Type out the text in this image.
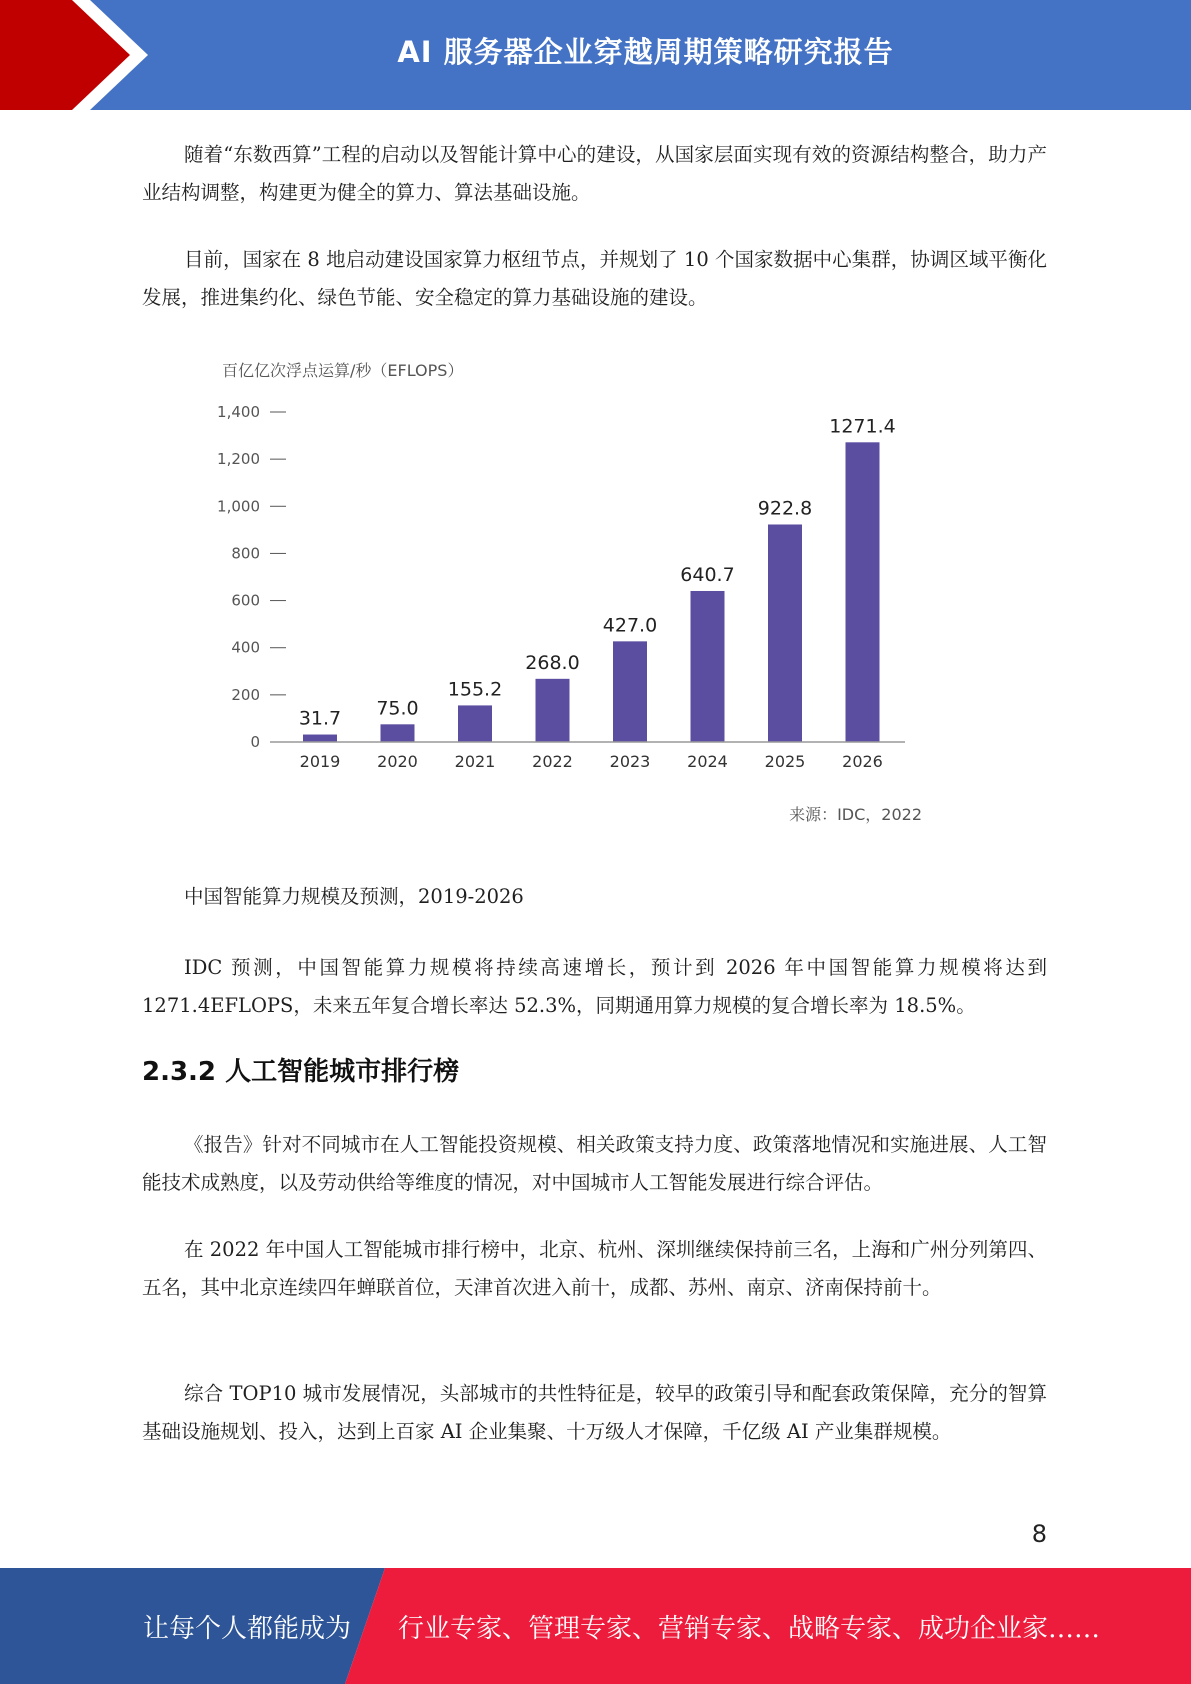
AI 服务器企业穿越周期策略研究报告

随着“东数西算”工程的启动以及智能计算中心的建设，从国家层面实现有效的资源结构整合，助力产业结构调整，构建更为健全的算力、算法基础设施。

目前，国家在 8 地启动建设国家算力枢纽节点，并规划了 10 个国家数据中心集群，协调区域平衡化发展，推进集约化、绿色节能、安全稳定的算力基础设施的建设。

百亿亿次浮点运算/秒（EFLOPS）
0
200
400
600
800
1,000
1,200
1,400
31.7
2019
75.0
2020
155.2
2021
268.0
2022
427.0
2023
640.7
2024
922.8
2025
1271.4
2026
来源：IDC，2022

中国智能算力规模及预测，2019-2026

IDC 预测，中国智能算力规模将持续高速增长，预计到 2026 年中国智能算力规模将达到 1271.4EFLOPS，未来五年复合增长率达 52.3%，同期通用算力规模的复合增长率为 18.5%。

2.3.2 人工智能城市排行榜

《报告》针对不同城市在人工智能投资规模、相关政策支持力度、政策落地情况和实施进展、人工智能技术成熟度，以及劳动供给等维度的情况，对中国城市人工智能发展进行综合评估。

在 2022 年中国人工智能城市排行榜中，北京、杭州、深圳继续保持前三名，上海和广州分列第四、五名，其中北京连续四年蝉联首位，天津首次进入前十，成都、苏州、南京、济南保持前十。

综合 TOP10 城市发展情况，头部城市的共性特征是，较早的政策引导和配套政策保障，充分的智算基础设施规划、投入，达到上百家 AI 企业集聚、十万级人才保障，千亿级 AI 产业集群规模。

8
让每个人都能成为 行业专家、管理专家、营销专家、战略专家、成功企业家……
